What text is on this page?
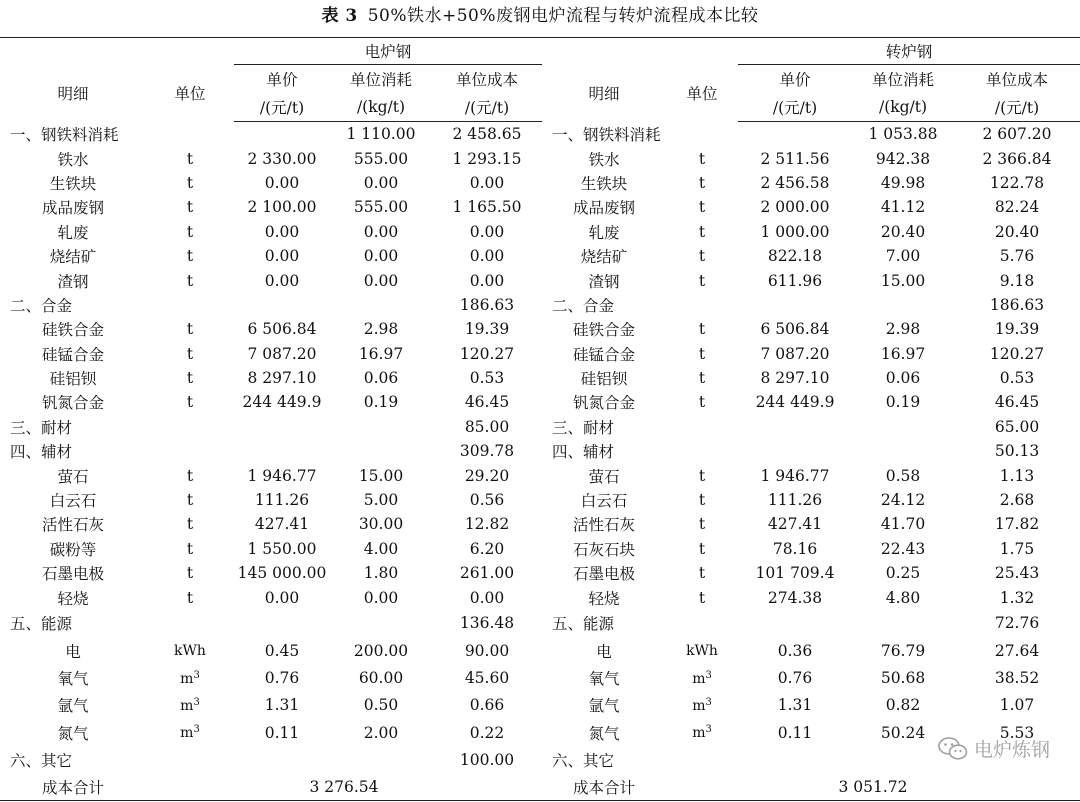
表 3 50%铁水+50%废钢电炉流程与转炉流程成本比较
		电炉钢					转炉钢		
明细	单位	单价	单位消耗	单位成本	明细	单位	单价	单位消耗	单位成本
		/(元/t)	/(kg/t)	/(元/t)			/(元/t)	/(kg/t)	/(元/t)
一、钢铁料消耗			1 110.00	2 458.65	一、钢铁料消耗			1 053.88	2 607.20
铁水	t	2 330.00	555.00	1 293.15	铁水	t	2 511.56	942.38	2 366.84
生铁块	t	0.00	0.00	0.00	生铁块	t	2 456.58	49.98	122.78
成品废钢	t	2 100.00	555.00	1 165.50	成品废钢	t	2 000.00	41.12	82.24
轧废	t	0.00	0.00	0.00	轧废	t	1 000.00	20.40	20.40
烧结矿	t	0.00	0.00	0.00	烧结矿	t	822.18	7.00	5.76
渣钢	t	0.00	0.00	0.00	渣钢	t	611.96	15.00	9.18
二、合金				186.63	二、合金				186.63
硅铁合金	t	6 506.84	2.98	19.39	硅铁合金	t	6 506.84	2.98	19.39
硅锰合金	t	7 087.20	16.97	120.27	硅锰合金	t	7 087.20	16.97	120.27
硅铝钡	t	8 297.10	0.06	0.53	硅铝钡	t	8 297.10	0.06	0.53
钒氮合金	t	244 449.9	0.19	46.45	钒氮合金	t	244 449.9	0.19	46.45
三、耐材				85.00	三、耐材				65.00
四、辅材				309.78	四、辅材				50.13
萤石	t	1 946.77	15.00	29.20	萤石	t	1 946.77	0.58	1.13
白云石	t	111.26	5.00	0.56	白云石	t	111.26	24.12	2.68
活性石灰	t	427.41	30.00	12.82	活性石灰	t	427.41	41.70	17.82
碳粉等	t	1 550.00	4.00	6.20	石灰石块	t	78.16	22.43	1.75
石墨电极	t	145 000.00	1.80	261.00	石墨电极	t	101 709.4	0.25	25.43
轻烧	t	0.00	0.00	0.00	轻烧	t	274.38	4.80	1.32
五、能源				136.48	五、能源				72.76
电	kWh	0.45	200.00	90.00	电	kWh	0.36	76.79	27.64
氧气	$m^3$	0.76	60.00	45.60	氧气	$m^3$	0.76	50.68	38.52
氩气	$m^3$	1.31	0.50	0.66	氩气	$m^3$	1.31	0.82	1.07
氮气	$m^3$	0.11	2.00	0.22	氮气	$m^3$	0.11	50.24	5.53
六、其它				100.00	六、其它				
成本合计	3 276.54				成本合计	3 051.72			
电炉炼钢
